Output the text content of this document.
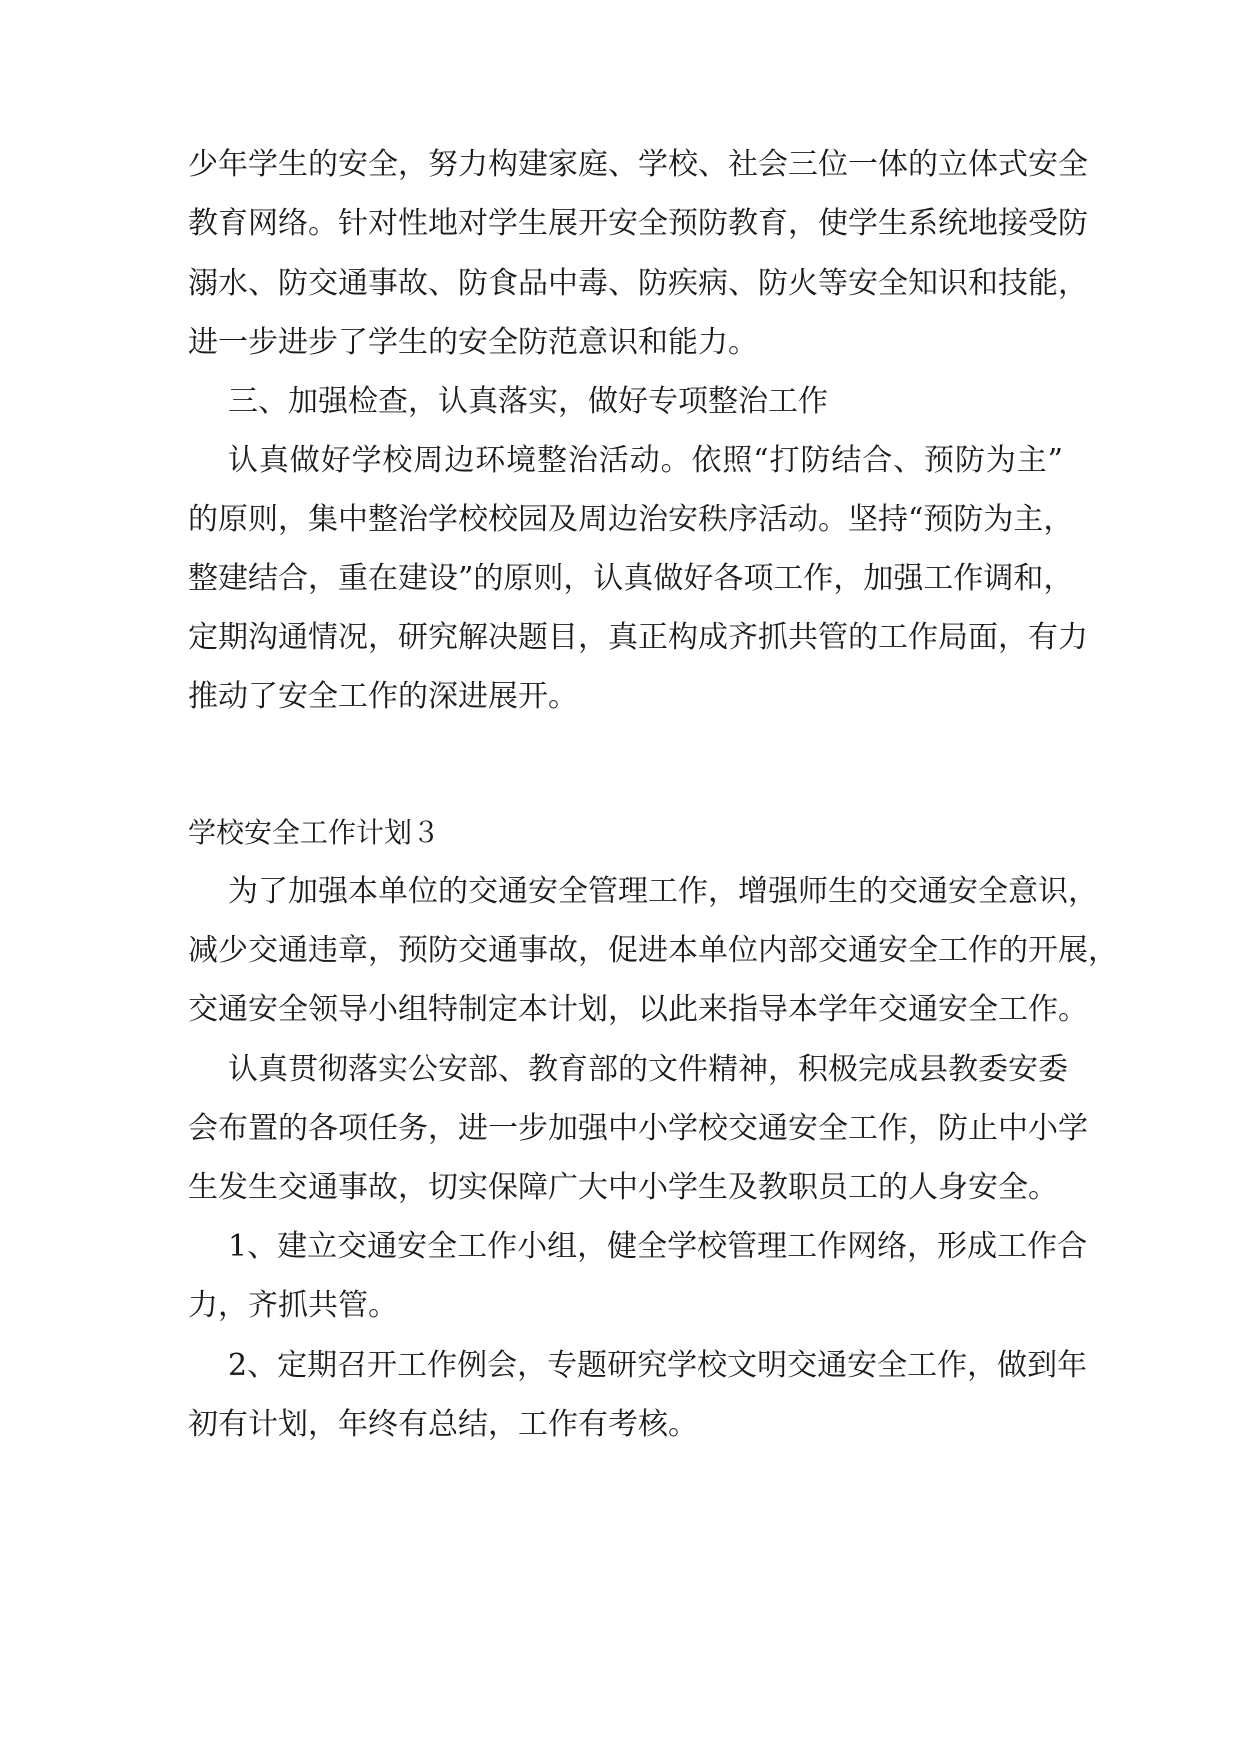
少年学生的安全，努力构建家庭、学校、社会三位一体的立体式安全
教育网络。针对性地对学生展开安全预防教育，使学生系统地接受防
溺水、防交通事故、防食品中毒、防疾病、防火等安全知识和技能，
进一步进步了学生的安全防范意识和能力。
三、加强检查，认真落实，做好专项整治工作
认真做好学校周边环境整治活动。依照“打防结合、预防为主”
的原则，集中整治学校校园及周边治安秩序活动。坚持“预防为主，
整建结合，重在建设”的原则，认真做好各项工作，加强工作调和，
定期沟通情况，研究解决题目，真正构成齐抓共管的工作局面，有力
推动了安全工作的深进展开。
学校安全工作计划３
为了加强本单位的交通安全管理工作，增强师生的交通安全意识，
减少交通违章，预防交通事故，促进本单位内部交通安全工作的开展，
交通安全领导小组特制定本计划，以此来指导本学年交通安全工作。
认真贯彻落实公安部、教育部的文件精神，积极完成县教委安委
会布置的各项任务，进一步加强中小学校交通安全工作，防止中小学
生发生交通事故，切实保障广大中小学生及教职员工的人身安全。
1、建立交通安全工作小组，健全学校管理工作网络，形成工作合
力，齐抓共管。
2、定期召开工作例会，专题研究学校文明交通安全工作，做到年
初有计划，年终有总结，工作有考核。
